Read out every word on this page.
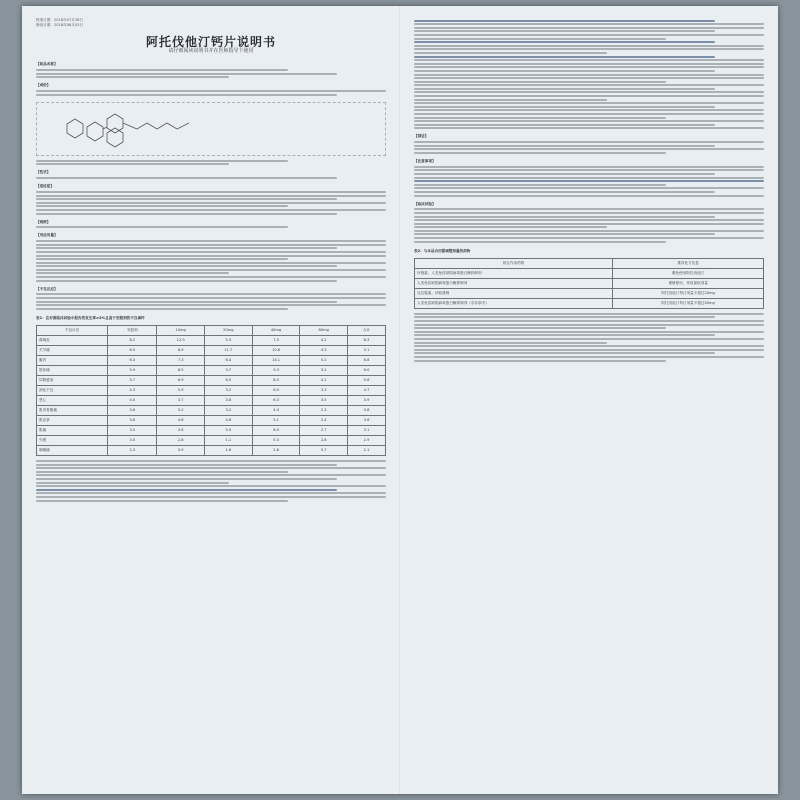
核准日期：2018年07月28日
修改日期：2018年08月03日
阿托伐他汀钙片说明书
请仔细阅读说明书并在医师指导下使用
【药品名称】
【成份】
【性状】
【适应症】
【规格】
【用法用量】
【不良反应】
表1：在对照临床试验中报告的发生率≥2%且高于安慰剂的不良事件
不良反应	安慰剂	10mg	20mg	40mg	80mg	合计
鼻咽炎	8.2	12.9	5.3	7.0	4.2	8.3
关节痛	6.5	8.9	11.7	10.6	4.3	5.1
腹泻	6.3	7.3	6.4	14.1	5.2	6.8
肢体痛	5.9	8.5	3.7	9.3	3.1	6.0
尿路感染	5.7	6.9	6.5	8.0	4.1	5.6
消化不良	4.3	5.9	3.2	6.0	3.3	4.7
恶心	4.0	3.7	3.8	6.3	3.5	3.9
肌肉骨骼痛	3.6	5.2	3.2	4.4	2.3	3.8
肌痉挛	3.6	4.6	4.8	5.1	2.4	3.6
肌痛	3.5	3.6	5.9	8.4	2.7	3.1
失眠	3.0	2.8	1.1	5.3	2.8	2.9
咽喉痛	2.3	3.9	1.6	2.8	0.7	2.1
【禁忌】
【注意事项】
【临床试验】
表2：与本品合用需调整剂量的药物
相互作用药物	推荐处方信息
环孢素，人类免疫缺陷病毒蛋白酶抑制剂	避免使用阿托伐他汀
人类免疫缺陷病毒蛋白酶抑制剂	谨慎使用，采用最低剂量
克拉霉素，伊曲康唑	阿托伐他汀每日剂量不超过20mg
人类免疫缺陷病毒蛋白酶抑制剂（奈非那韦）	阿托伐他汀每日剂量不超过40mg
